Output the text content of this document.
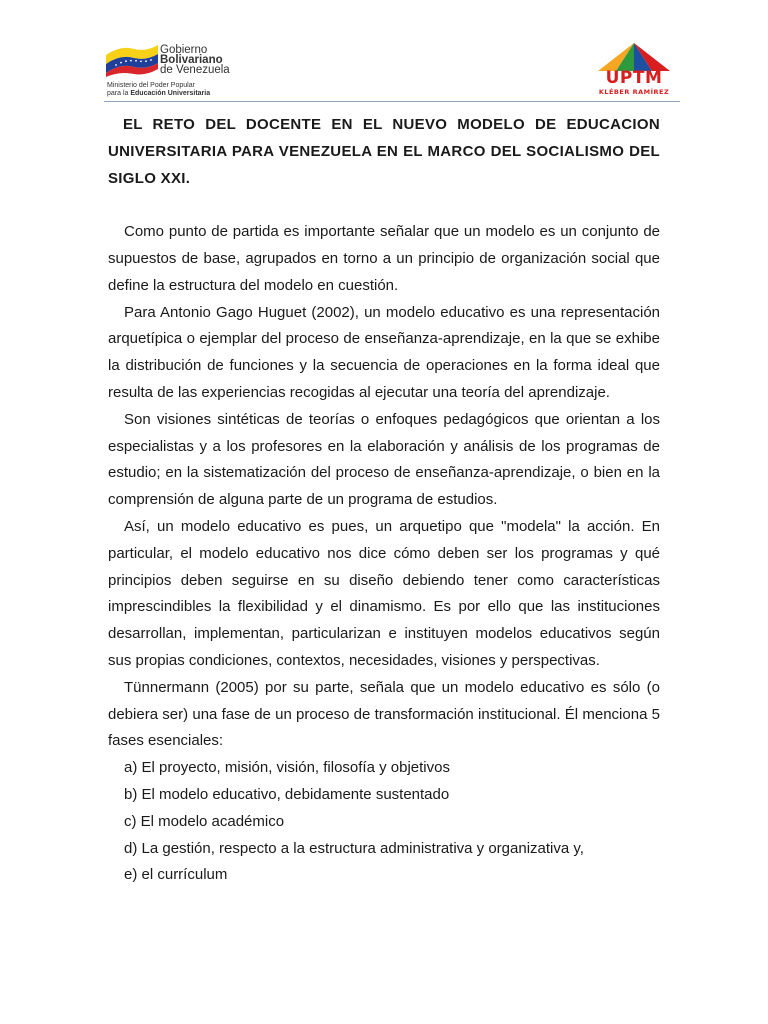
Gobierno
Bolivariano
de Venezuela
Ministerio del Poder Popular
para la Educación Universitaria
UPTM
KLÉBER RAMÍREZ

EL RETO DEL DOCENTE EN EL NUEVO MODELO DE EDUCACION UNIVERSITARIA PARA VENEZUELA EN EL MARCO DEL SOCIALISMO DEL SIGLO XXI.

Como punto de partida es importante señalar que un modelo es un conjunto de supuestos de base, agrupados en torno a un principio de organización social que define la estructura del modelo en cuestión.

Para Antonio Gago Huguet (2002), un modelo educativo es una representación arquetípica o ejemplar del proceso de enseñanza-aprendizaje, en la que se exhibe la distribución de funciones y la secuencia de operaciones en la forma ideal que resulta de las experiencias recogidas al ejecutar una teoría del aprendizaje.

Son visiones sintéticas de teorías o enfoques pedagógicos que orientan a los especialistas y a los profesores en la elaboración y análisis de los programas de estudio; en la sistematización del proceso de enseñanza-aprendizaje, o bien en la comprensión de alguna parte de un programa de estudios.

Así, un modelo educativo es pues, un arquetipo que "modela" la acción. En particular, el modelo educativo nos dice cómo deben ser los programas y qué principios deben seguirse en su diseño debiendo tener como características imprescindibles la flexibilidad y el dinamismo. Es por ello que las instituciones desarrollan, implementan, particularizan e instituyen modelos educativos según sus propias condiciones, contextos, necesidades, visiones y perspectivas.

Tünnermann (2005) por su parte, señala que un modelo educativo es sólo (o debiera ser) una fase de un proceso de transformación institucional. Él menciona 5 fases esenciales:

a) El proyecto, misión, visión, filosofía y objetivos
b) El modelo educativo, debidamente sustentado
c) El modelo académico
d) La gestión, respecto a la estructura administrativa y organizativa y,
e) el currículum
